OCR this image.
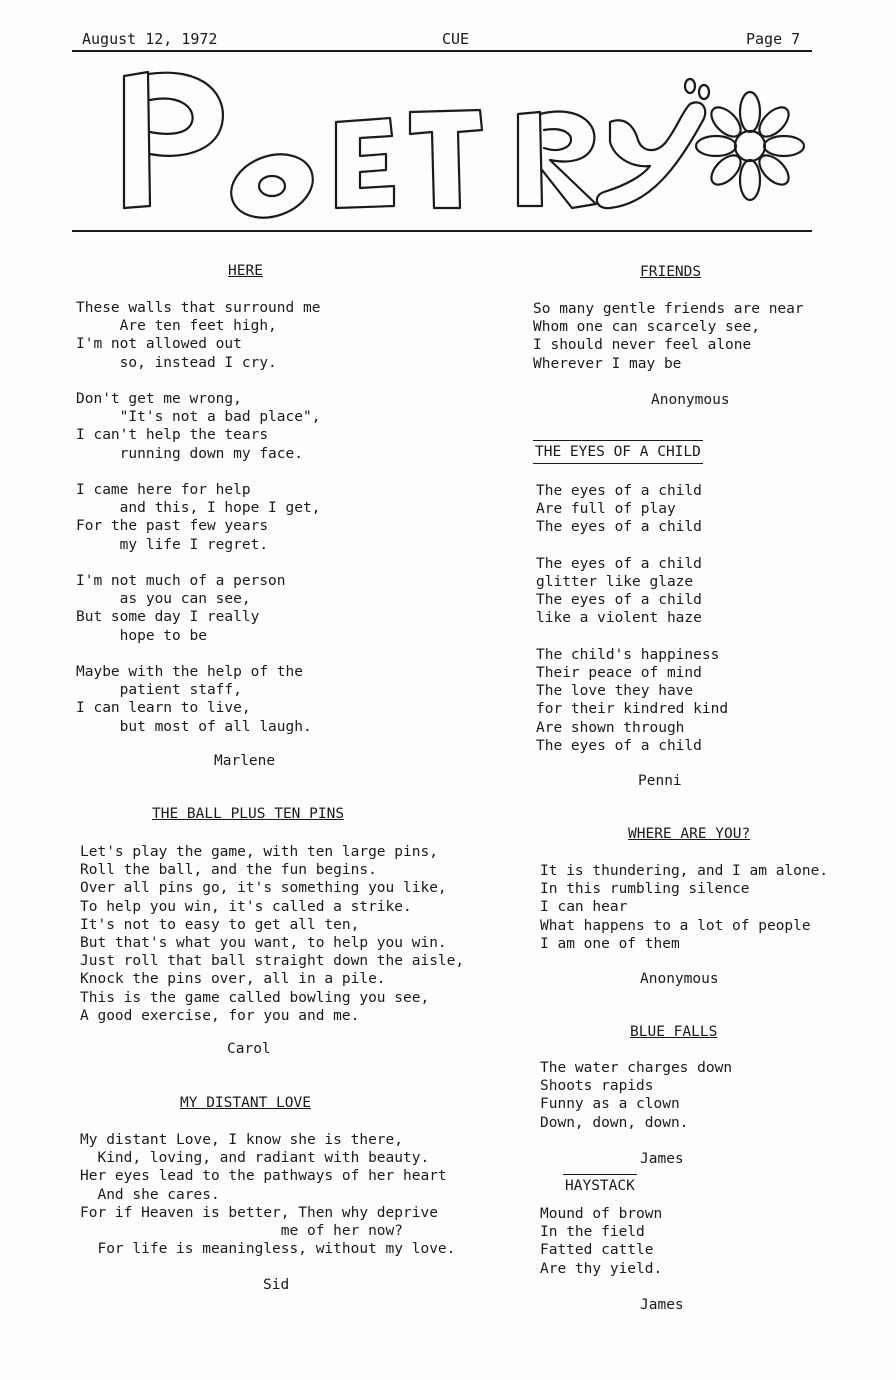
August 12, 1972	CUE	Page 7
HERE
These walls that surround me
Are ten feet high,
I'm not allowed out
so, instead I cry.

Don't get me wrong,
"It's not a bad place",
I can't help the tears
running down my face.

I came here for help
and this, I hope I get,
For the past few years
my life I regret.

I'm not much of a person
as you can see,
But some day I really
hope to be

Maybe with the help of the
patient staff,
I can learn to live,
but most of all laugh.
Marlene
THE BALL PLUS TEN PINS
Let's play the game, with ten large pins,
Roll the ball, and the fun begins.
Over all pins go, it's something you like,
To help you win, it's called a strike.
It's not to easy to get all ten,
But that's what you want, to help you win.
Just roll that ball straight down the aisle,
Knock the pins over, all in a pile.
This is the game called bowling you see,
A good exercise, for you and me.
Carol
MY DISTANT LOVE
My distant Love, I know she is there,
Kind, loving, and radiant with beauty.
Her eyes lead to the pathways of her heart
And she cares.
For if Heaven is better, Then why deprive
me of her now?
For life is meaningless, without my love.
Sid
FRIENDS
So many gentle friends are near
Whom one can scarcely see,
I should never feel alone
Wherever I may be
Anonymous
THE EYES OF A CHILD
The eyes of a child
Are full of play
The eyes of a child

The eyes of a child
glitter like glaze
The eyes of a child
like a violent haze

The child's happiness
Their peace of mind
The love they have
for their kindred kind
Are shown through
The eyes of a child
Penni
WHERE ARE YOU?
It is thundering, and I am alone.
In this rumbling silence
I can hear
What happens to a lot of people
I am one of them
Anonymous
BLUE FALLS
The water charges down
Shoots rapids
Funny as a clown
Down, down, down.
James
HAYSTACK
Mound of brown
In the field
Fatted cattle
Are thy yield.
James
